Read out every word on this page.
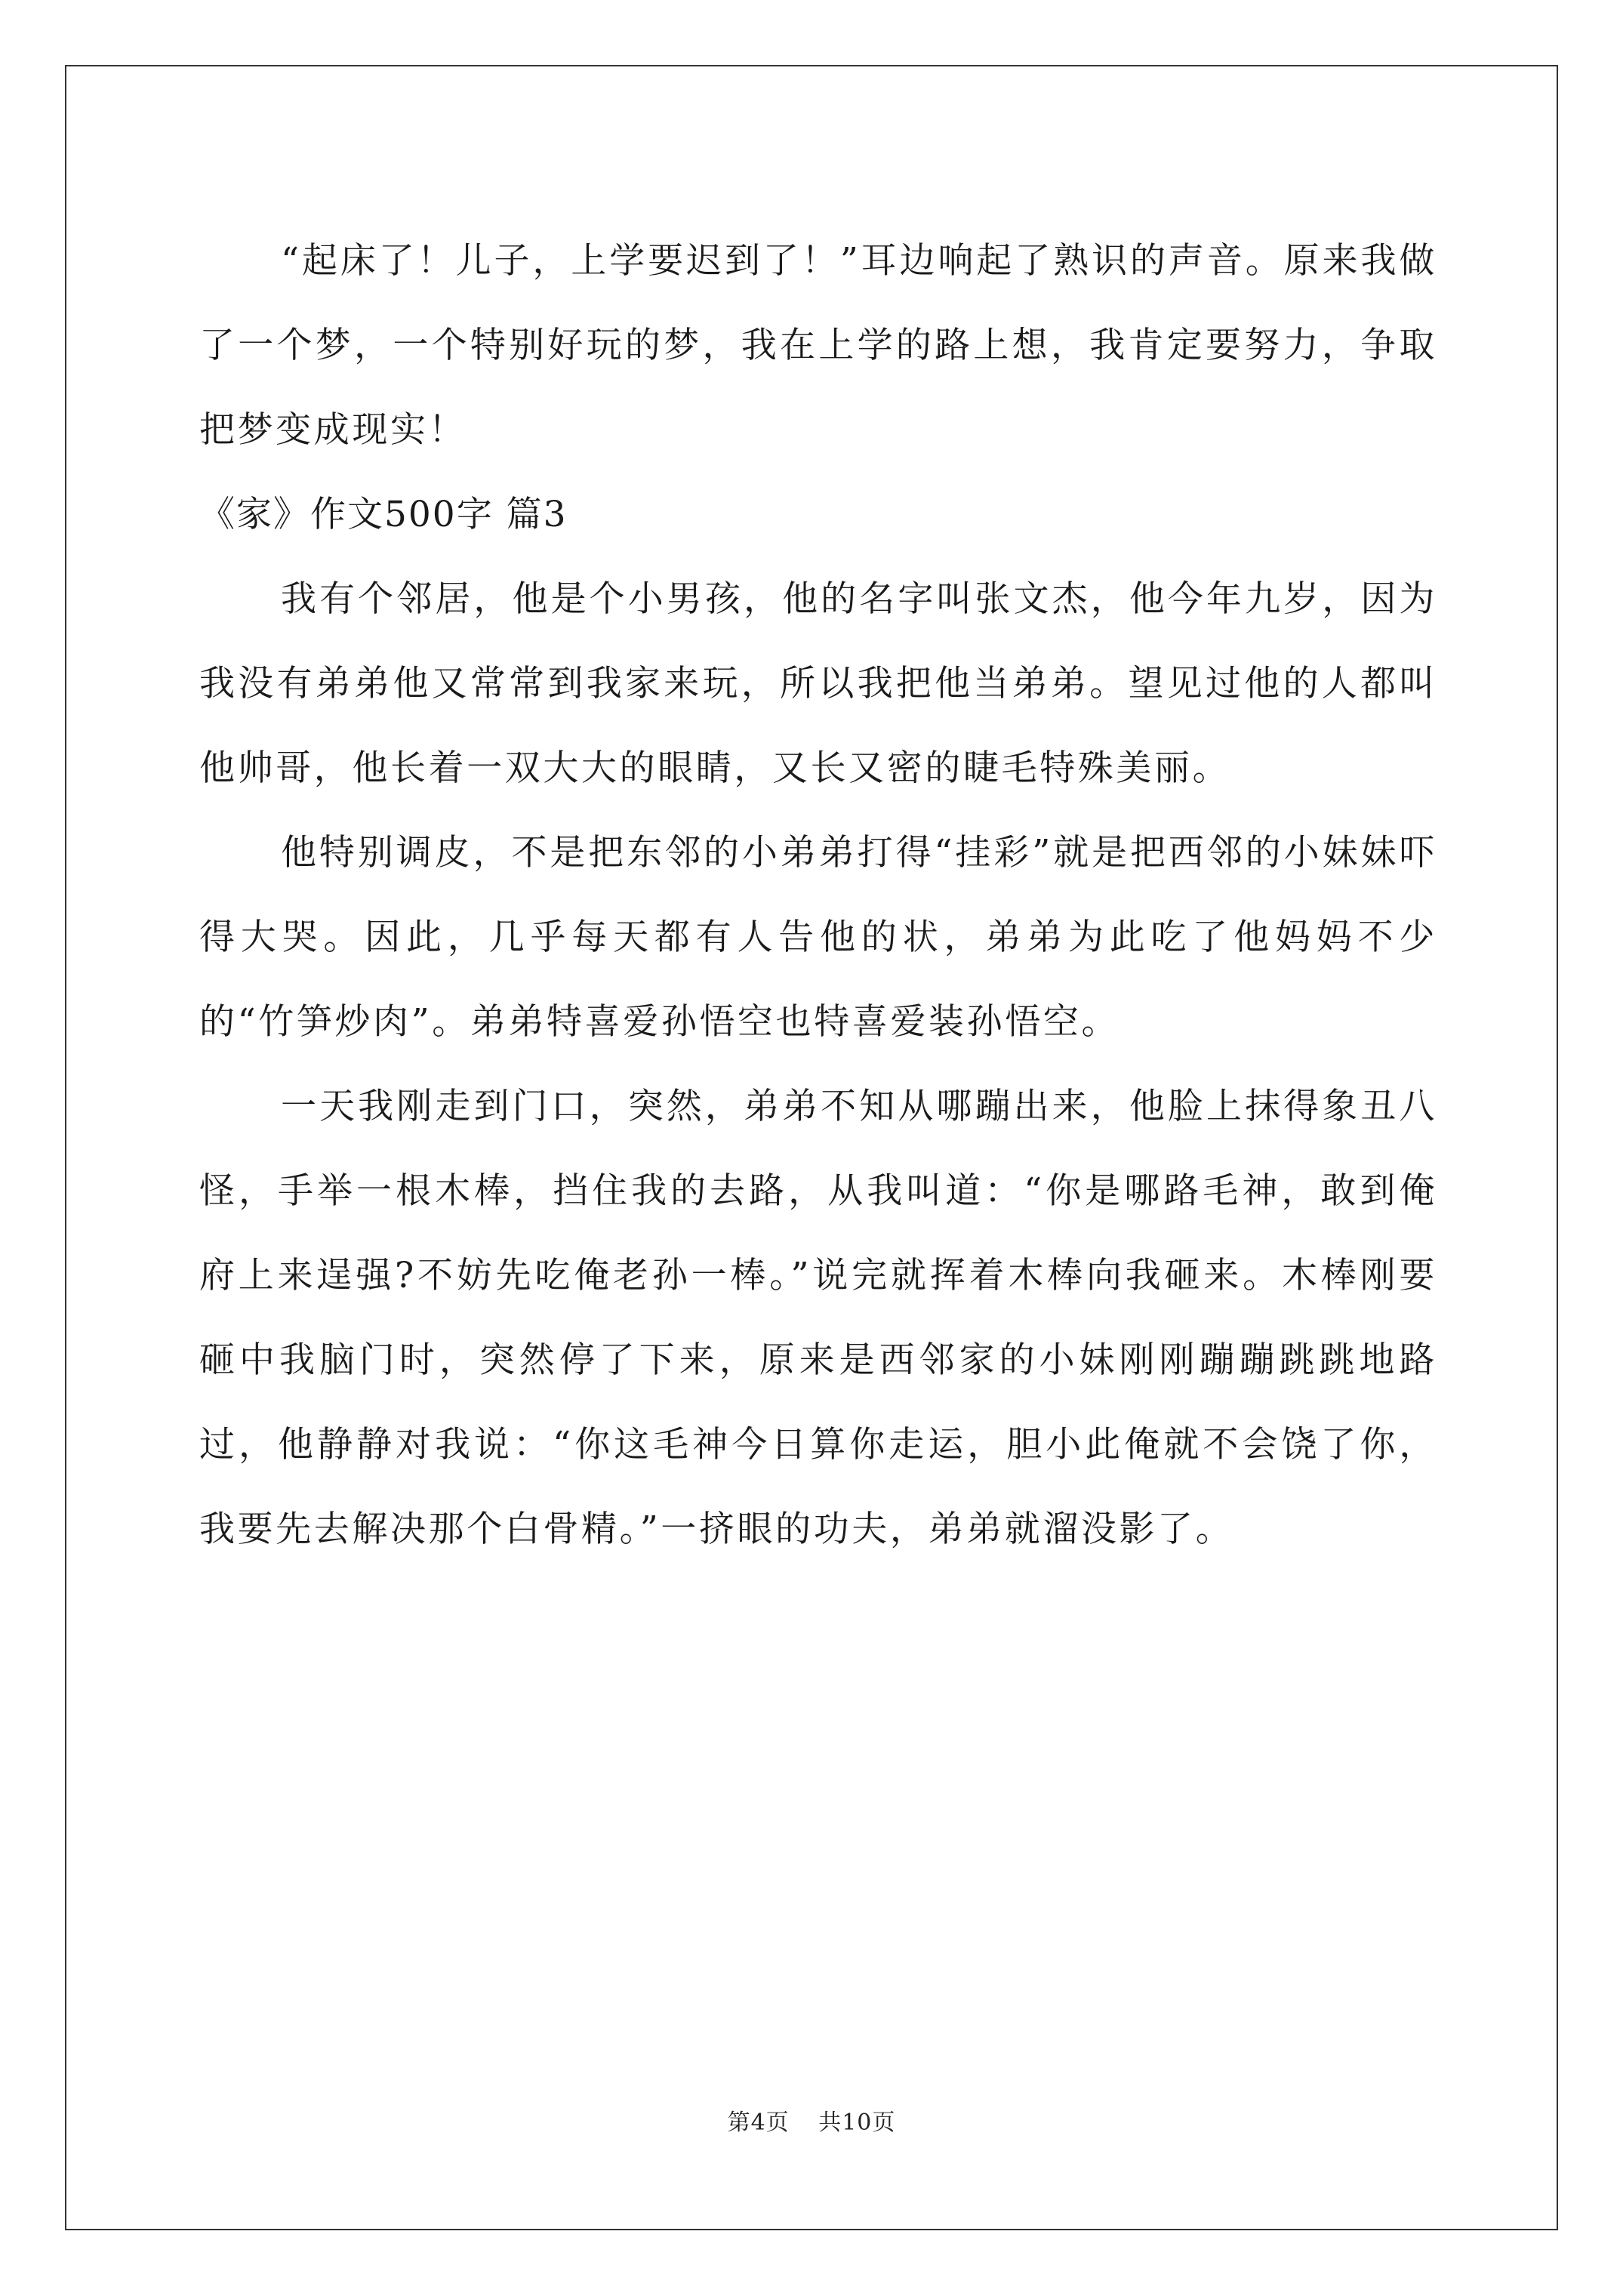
“起床了！儿子，上学要迟到了！”耳边响起了熟识的声音。原来我做了一个梦，一个特别好玩的梦，我在上学的路上想，我肯定要努力，争取把梦变成现实！

《家》作文500字 篇3

我有个邻居，他是个小男孩，他的名字叫张文杰，他今年九岁，因为我没有弟弟他又常常到我家来玩，所以我把他当弟弟。望见过他的人都叫他帅哥，他长着一双大大的眼睛，又长又密的睫毛特殊美丽。

他特别调皮，不是把东邻的小弟弟打得“挂彩”就是把西邻的小妹妹吓得大哭。因此，几乎每天都有人告他的状，弟弟为此吃了他妈妈不少的“竹笋炒肉”。弟弟特喜爱孙悟空也特喜爱装孙悟空。

一天我刚走到门口，突然，弟弟不知从哪蹦出来，他脸上抹得象丑八怪，手举一根木棒，挡住我的去路，从我叫道：“你是哪路毛神，敢到俺府上来逞强?不妨先吃俺老孙一棒。”说完就挥着木棒向我砸来。木棒刚要砸中我脑门时，突然停了下来，原来是西邻家的小妹刚刚蹦蹦跳跳地路过，他静静对我说：“你这毛神今日算你走运，胆小此俺就不会饶了你，我要先去解决那个白骨精。”一挤眼的功夫，弟弟就溜没影了。

第4页 共10页
